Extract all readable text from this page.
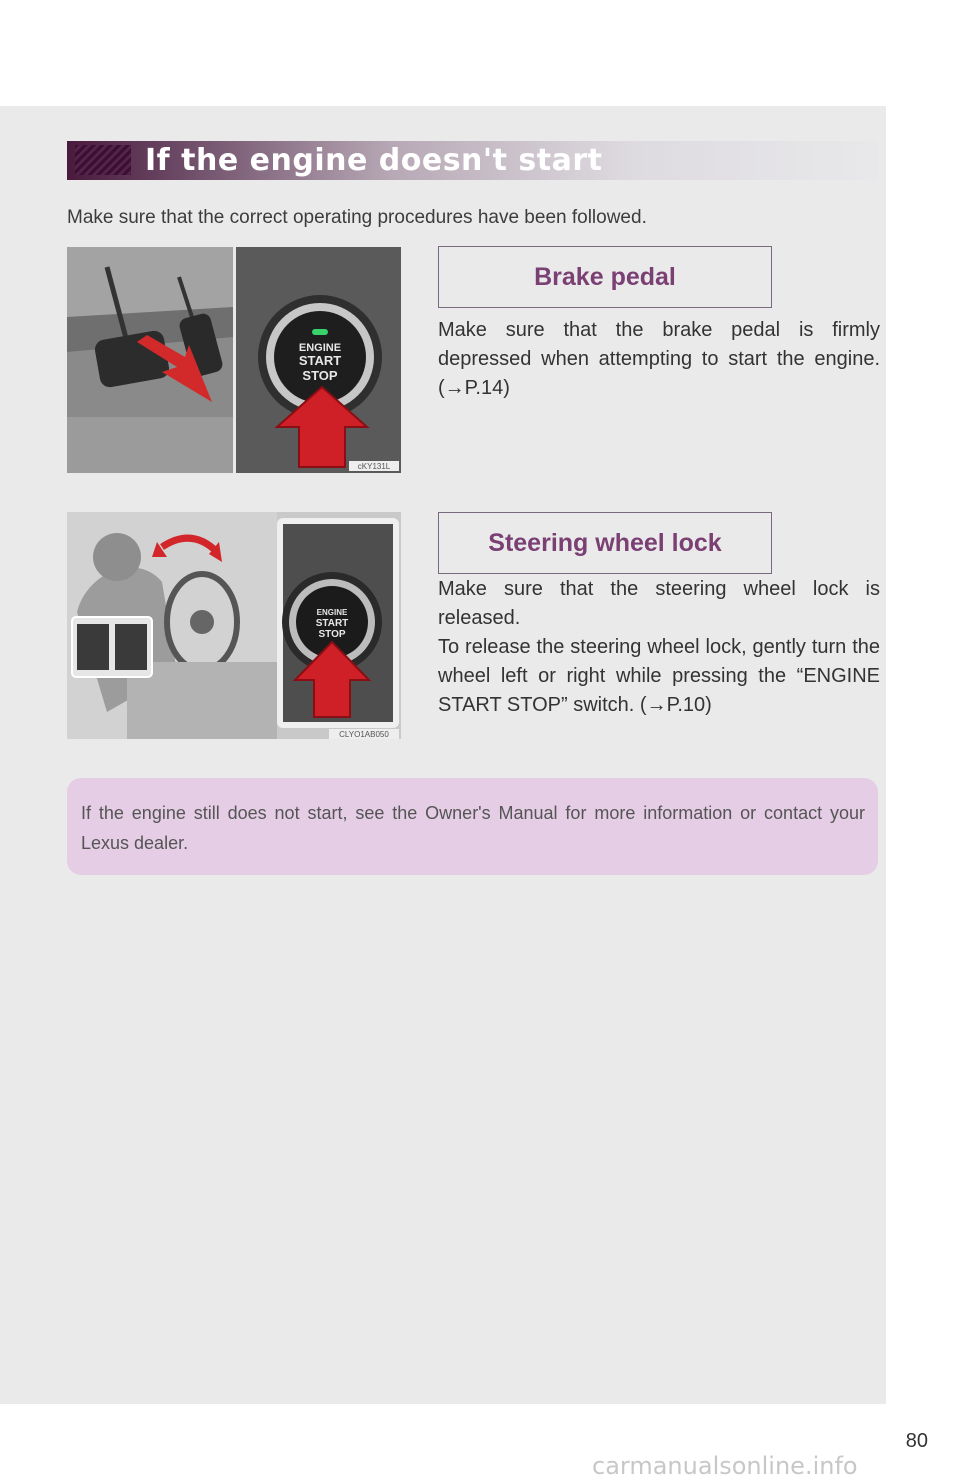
If the engine doesn't start
Make sure that the correct operating procedures have been followed.
ENGINE
START
STOP
cKY131L
Brake pedal
Make sure that the brake pedal is firmly depressed when attempting to start the engine. (→P.14)
ENGINE
START
STOP
CLYO1AB050
Steering wheel lock
Make sure that the steering wheel lock is released.
To release the steering wheel lock, gently turn the wheel left or right while pressing the “ENGINE START STOP” switch. (→P.10)
If the engine still does not start, see the Owner's Manual for more information or contact your Lexus dealer.
80
carmanualsonline.info
